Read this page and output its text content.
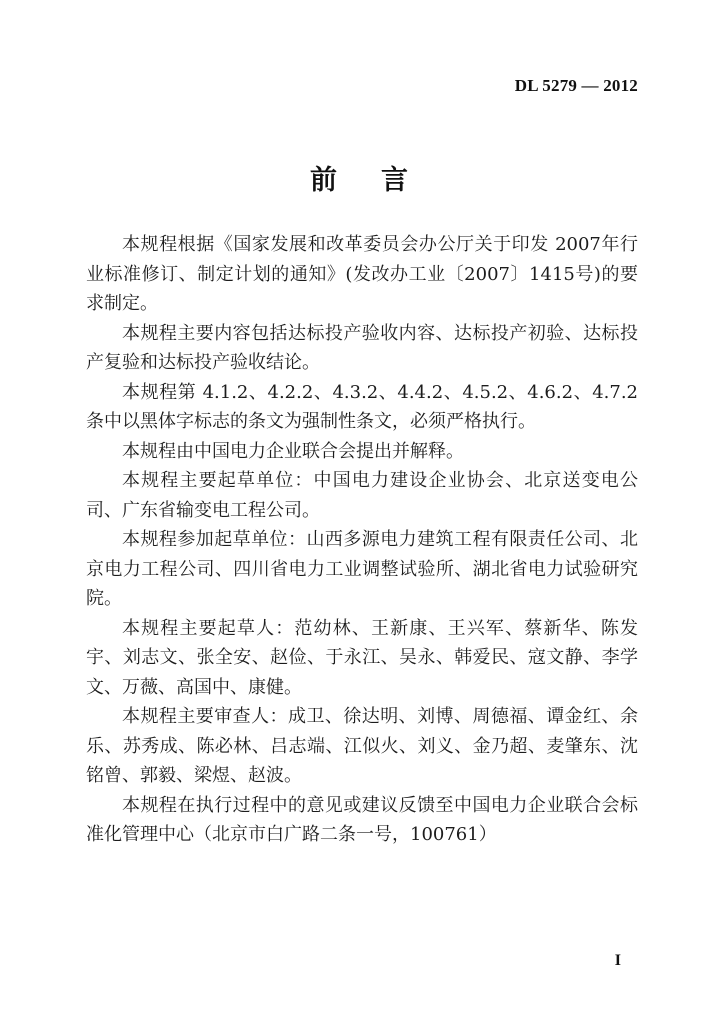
DL 5279 — 2012
前言

本规程根据《国家发展和改革委员会办公厅关于印发 2007年行业标准修订、制定计划的通知》(发改办工业〔2007〕1415号)的要求制定。

本规程主要内容包括达标投产验收内容、达标投产初验、达标投产复验和达标投产验收结论。

本规程第 4.1.2、4.2.2、4.3.2、4.4.2、4.5.2、4.6.2、4.7.2 条中以黑体字标志的条文为强制性条文，必须严格执行。

本规程由中国电力企业联合会提出并解释。

本规程主要起草单位：中国电力建设企业协会、北京送变电公司、广东省输变电工程公司。

本规程参加起草单位：山西多源电力建筑工程有限责任公司、北京电力工程公司、四川省电力工业调整试验所、湖北省电力试验研究院。

本规程主要起草人：范幼林、王新康、王兴军、蔡新华、陈发宇、刘志文、张全安、赵俭、于永江、吴永、韩爱民、寇文静、李学文、万薇、高国中、康健。

本规程主要审查人：成卫、徐达明、刘博、周德福、谭金红、余乐、苏秀成、陈必林、吕志端、江似火、刘义、金乃超、麦肇东、沈铭曾、郭毅、梁煜、赵波。

本规程在执行过程中的意见或建议反馈至中国电力企业联合会标准化管理中心（北京市白广路二条一号，100761）

I
